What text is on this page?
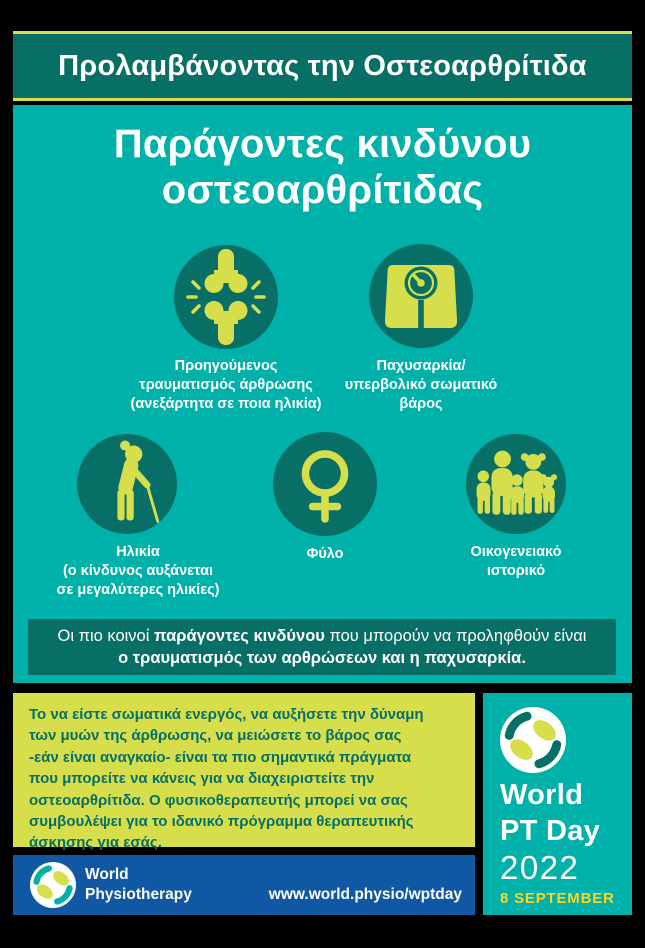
Προλαμβάνοντας την Οστεοαρθρίτιδα
Παράγοντες κινδύνου
οστεοαρθρίτιδας
Προηγούμενος
τραυματισμός άρθρωσης
(ανεξάρτητα σε ποια ηλικία)
Παχυσαρκία/
υπερβολικό σωματικό
βάρος
Ηλικία
(ο κίνδυνος αυξάνεται
σε μεγαλύτερες ηλικίες)
Φύλο	Οικογενειακό
ιστορικό
Οι πιο κοινοί παράγοντες κινδύνου που μπορούν να προληφθούν είναι ο τραυματισμός των αρθρώσεων και η παχυσαρκία.
Το να είστε σωματικά ενεργός, να αυξήσετε την δύναμη
των μυών της άρθρωσης, να μειώσετε το βάρος σας
-εάν είναι αναγκαίο- είναι τα πιο σημαντικά πράγματα
που μπορείτε να κάνεις για να διαχειριστείτε την
οστεοαρθρίτιδα. Ο φυσικοθεραπευτής μπορεί να σας
συμβουλέψει για το ιδανικό πρόγραμμα θεραπευτικής
άσκησης για εσάς.
World
Physiotherapy	www.world.physio/wptday
World
PT Day
2022
8 SEPTEMBER
